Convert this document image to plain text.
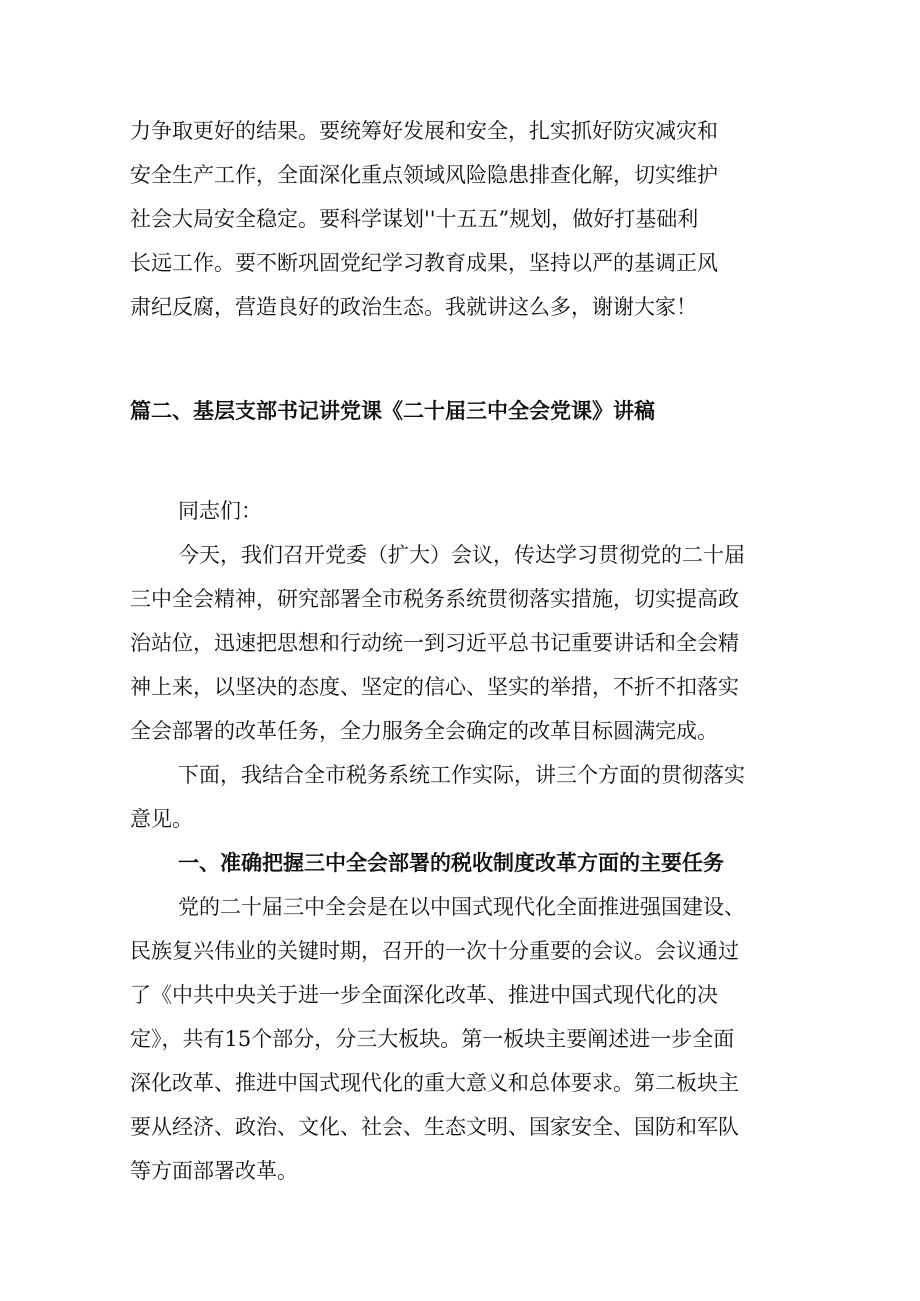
力争取更好的结果。要统筹好发展和安全，扎实抓好防灾减灾和

安全生产工作，全面深化重点领域风险隐患排查化解，切实维护

社会大局安全稳定。要科学谋划''十五五”规划，做好打基础利

长远工作。要不断巩固党纪学习教育成果，坚持以严的基调正风

肃纪反腐，营造良好的政治生态。我就讲这么多，谢谢大家！

篇二、基层支部书记讲党课《二十届三中全会党课》讲稿

同志们：

今天，我们召开党委（扩大）会议，传达学习贯彻党的二十届

三中全会精神，研究部署全市税务系统贯彻落实措施，切实提高政

治站位，迅速把思想和行动统一到习近平总书记重要讲话和全会精

神上来，以坚决的态度、坚定的信心、坚实的举措，不折不扣落实

全会部署的改革任务，全力服务全会确定的改革目标圆满完成。

下面，我结合全市税务系统工作实际，讲三个方面的贯彻落实

意见。

一、准确把握三中全会部署的税收制度改革方面的主要任务

党的二十届三中全会是在以中国式现代化全面推进强国建设、

民族复兴伟业的关键时期，召开的一次十分重要的会议。会议通过

了《中共中央关于进一步全面深化改革、推进中国式现代化的决

定》，共有15个部分，分三大板块。第一板块主要阐述进一步全面

深化改革、推进中国式现代化的重大意义和总体要求。第二板块主

要从经济、政治、文化、社会、生态文明、国家安全、国防和军队

等方面部署改革。
